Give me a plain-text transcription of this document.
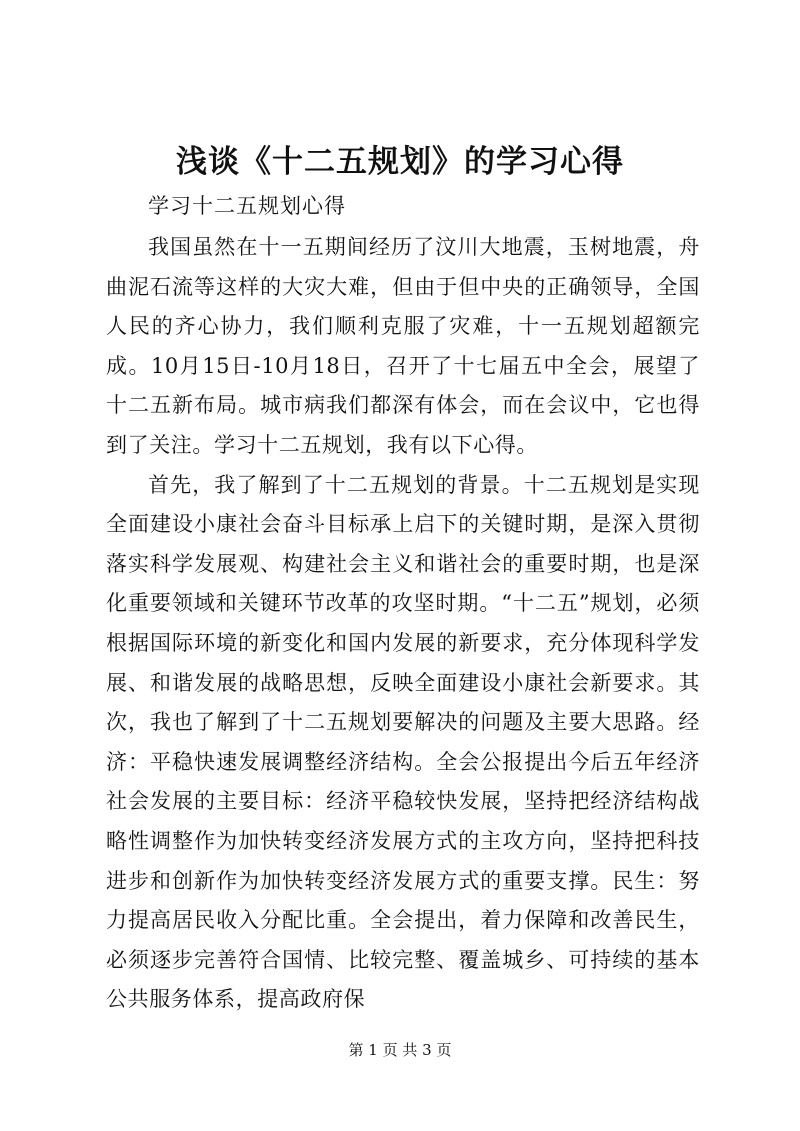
浅谈《十二五规划》的学习心得

学习十二五规划心得

我国虽然在十一五期间经历了汶川大地震，玉树地震，舟曲泥石流等这样的大灾大难，但由于但中央的正确领导，全国人民的齐心协力，我们顺利克服了灾难，十一五规划超额完成。10月15日-10月18日，召开了十七届五中全会，展望了十二五新布局。城市病我们都深有体会，而在会议中，它也得到了关注。学习十二五规划，我有以下心得。

首先，我了解到了十二五规划的背景。十二五规划是实现全面建设小康社会奋斗目标承上启下的关键时期，是深入贯彻落实科学发展观、构建社会主义和谐社会的重要时期，也是深化重要领域和关键环节改革的攻坚时期。“十二五”规划，必须根据国际环境的新变化和国内发展的新要求，充分体现科学发展、和谐发展的战略思想，反映全面建设小康社会新要求。其次，我也了解到了十二五规划要解决的问题及主要大思路。经济：平稳快速发展调整经济结构。全会公报提出今后五年经济社会发展的主要目标：经济平稳较快发展，坚持把经济结构战略性调整作为加快转变经济发展方式的主攻方向，坚持把科技进步和创新作为加快转变经济发展方式的重要支撑。民生：努力提高居民收入分配比重。全会提出，着力保障和改善民生，必须逐步完善符合国情、比较完整、覆盖城乡、可持续的基本公共服务体系，提高政府保

第 1 页 共 3 页
